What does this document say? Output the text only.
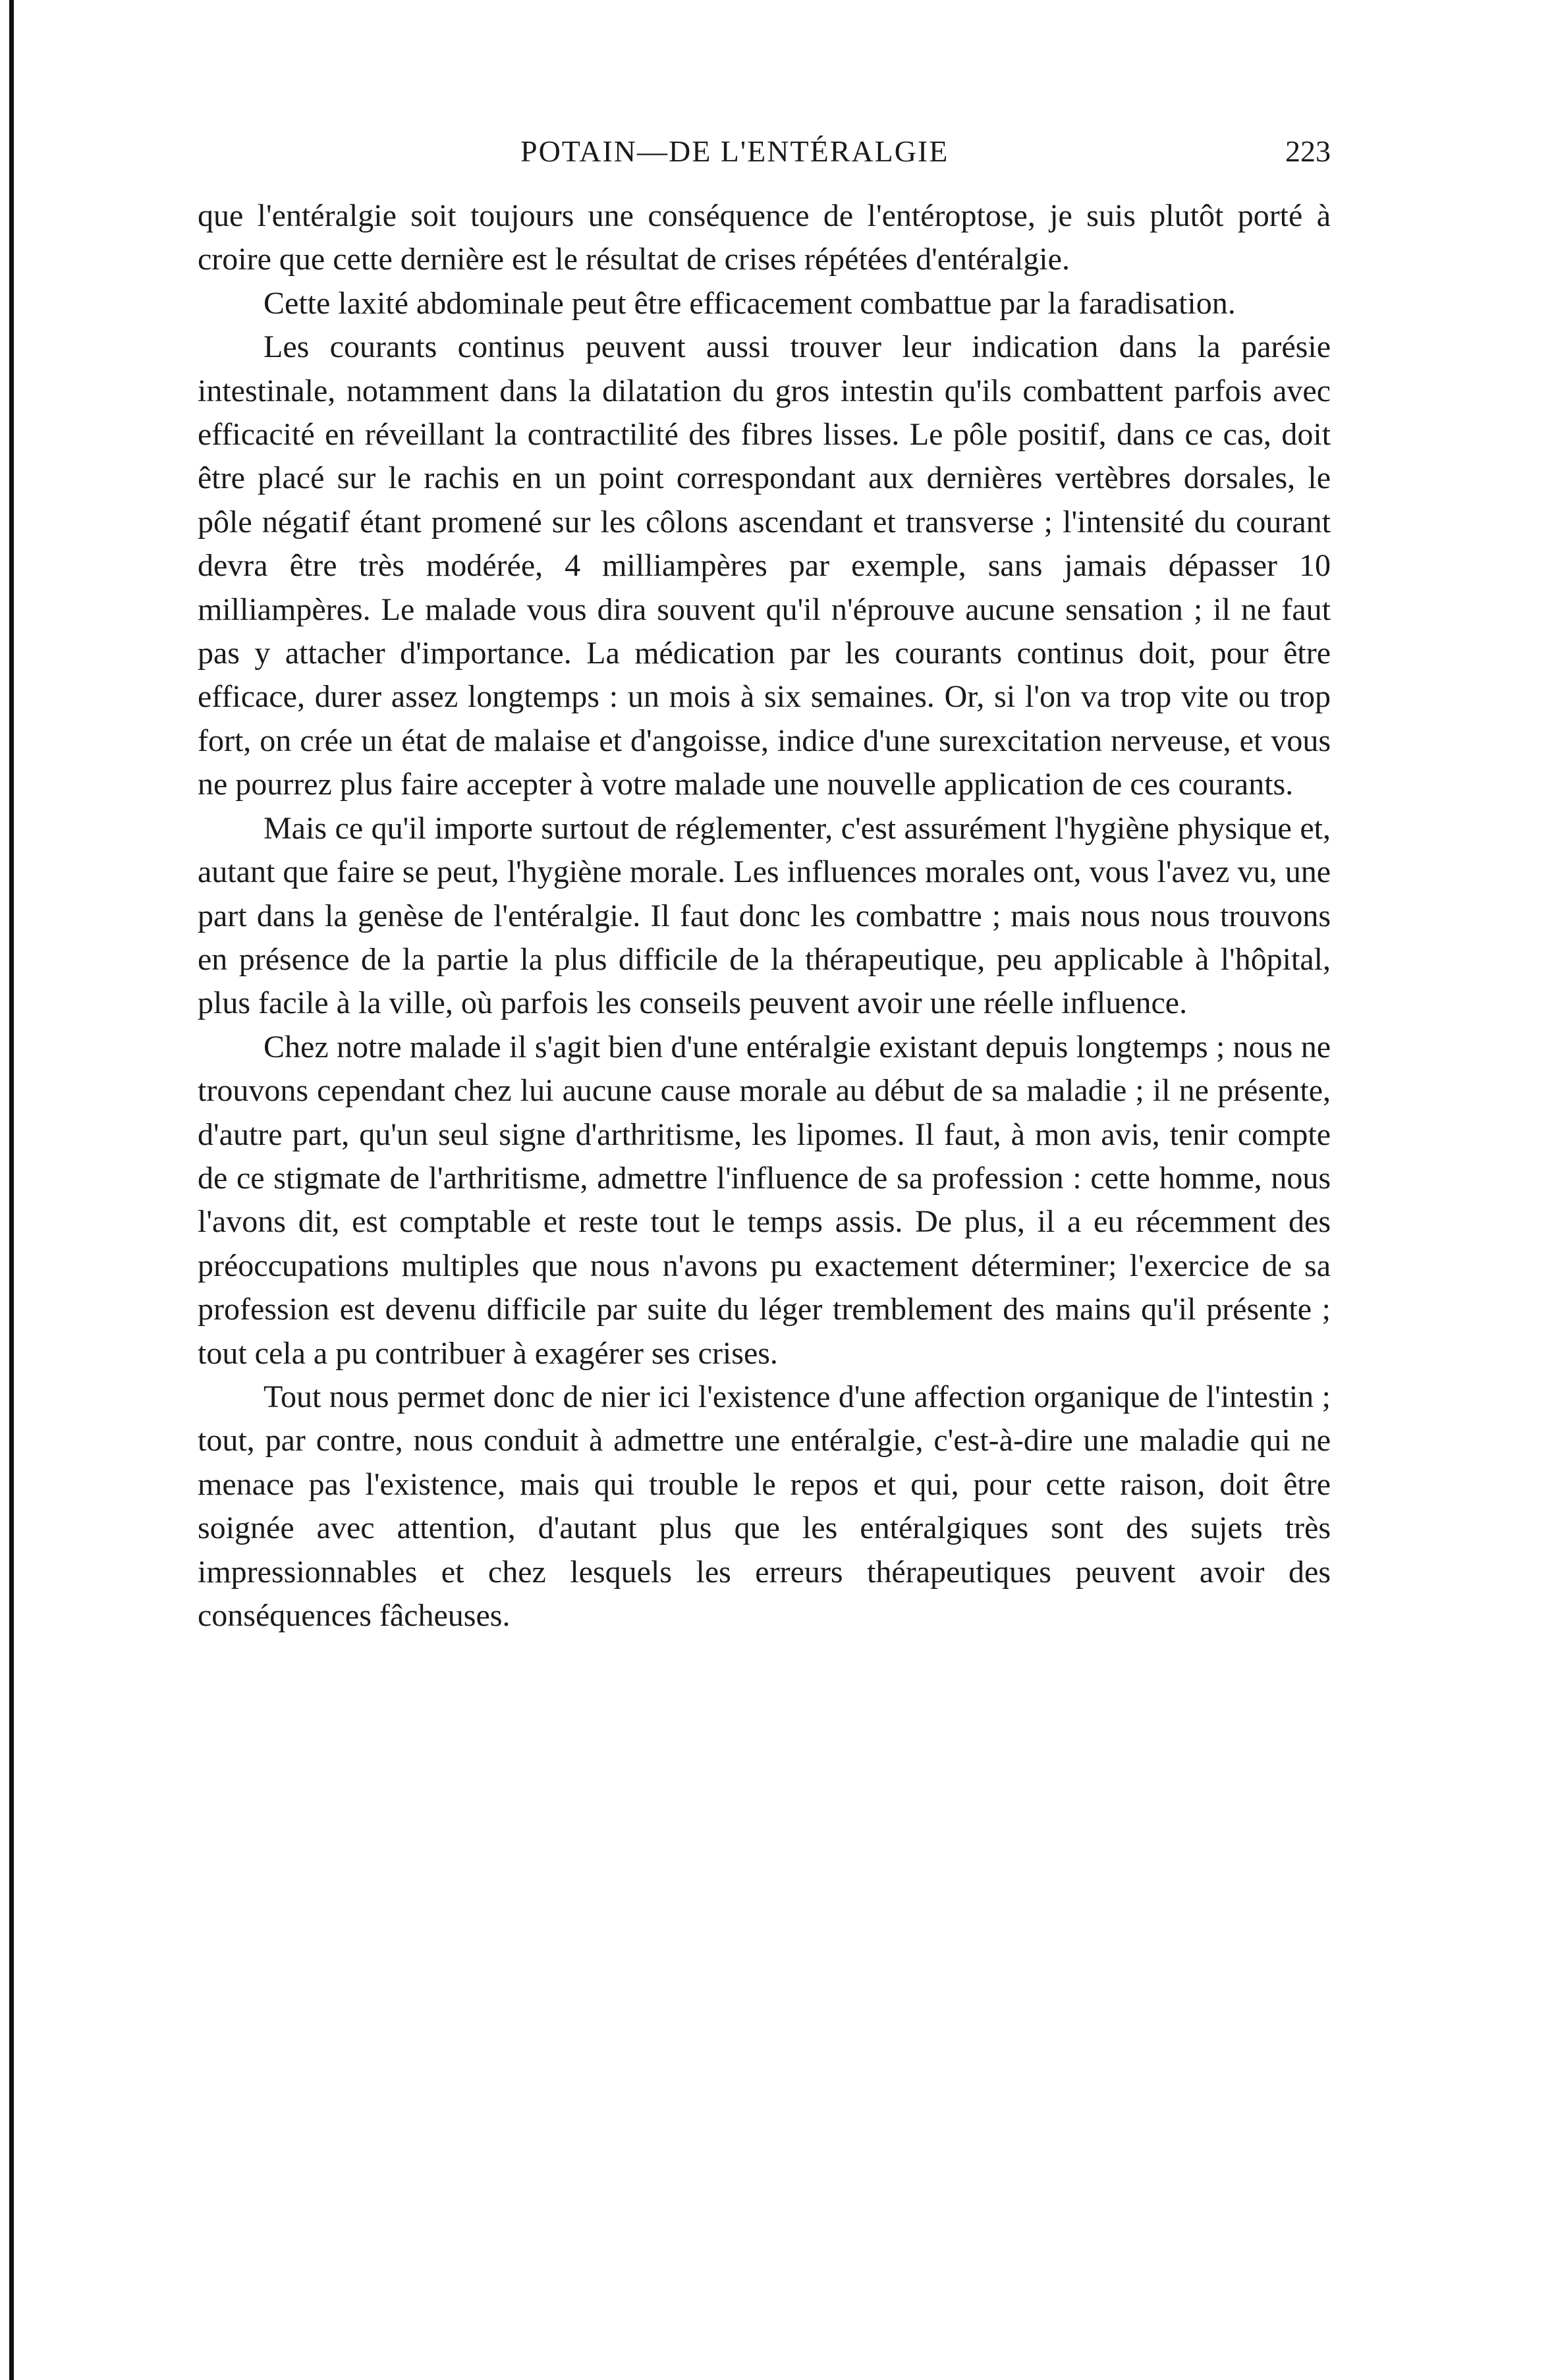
POTAIN—DE L'ENTÉRALGIE	223

que l'entéralgie soit toujours une conséquence de l'entéroptose, je suis plutôt porté à croire que cette dernière est le résultat de crises répétées d'entéralgie.

Cette laxité abdominale peut être efficacement combattue par la faradisation.

Les courants continus peuvent aussi trouver leur indication dans la parésie intestinale, notamment dans la dilatation du gros intestin qu'ils combattent parfois avec efficacité en réveillant la contractilité des fibres lisses. Le pôle positif, dans ce cas, doit être placé sur le rachis en un point correspondant aux dernières vertèbres dorsales, le pôle négatif étant promené sur les côlons ascendant et transverse ; l'intensité du courant devra être très modérée, 4 milliampères par exemple, sans jamais dépasser 10 milliampères. Le malade vous dira souvent qu'il n'éprouve aucune sensation ; il ne faut pas y attacher d'importance. La médication par les courants continus doit, pour être efficace, durer assez longtemps : un mois à six semaines. Or, si l'on va trop vite ou trop fort, on crée un état de malaise et d'angoisse, indice d'une surexcitation nerveuse, et vous ne pourrez plus faire accepter à votre malade une nouvelle application de ces courants.

Mais ce qu'il importe surtout de réglementer, c'est assurément l'hygiène physique et, autant que faire se peut, l'hygiène morale. Les influences morales ont, vous l'avez vu, une part dans la genèse de l'entéralgie. Il faut donc les combattre ; mais nous nous trouvons en présence de la partie la plus difficile de la thérapeutique, peu applicable à l'hôpital, plus facile à la ville, où parfois les conseils peuvent avoir une réelle influence.

Chez notre malade il s'agit bien d'une entéralgie existant depuis longtemps ; nous ne trouvons cependant chez lui aucune cause morale au début de sa maladie ; il ne présente, d'autre part, qu'un seul signe d'arthritisme, les lipomes. Il faut, à mon avis, tenir compte de ce stigmate de l'arthritisme, admettre l'influence de sa profession : cette homme, nous l'avons dit, est comptable et reste tout le temps assis. De plus, il a eu récemment des préoccupations multiples que nous n'avons pu exactement déterminer; l'exercice de sa profession est devenu difficile par suite du léger tremblement des mains qu'il présente ; tout cela a pu contribuer à exagérer ses crises.

Tout nous permet donc de nier ici l'existence d'une affection organique de l'intestin ; tout, par contre, nous conduit à admettre une entéralgie, c'est-à-dire une maladie qui ne menace pas l'existence, mais qui trouble le repos et qui, pour cette raison, doit être soignée avec attention, d'autant plus que les entéralgiques sont des sujets très impressionnables et chez lesquels les erreurs thérapeutiques peuvent avoir des conséquences fâcheuses.
